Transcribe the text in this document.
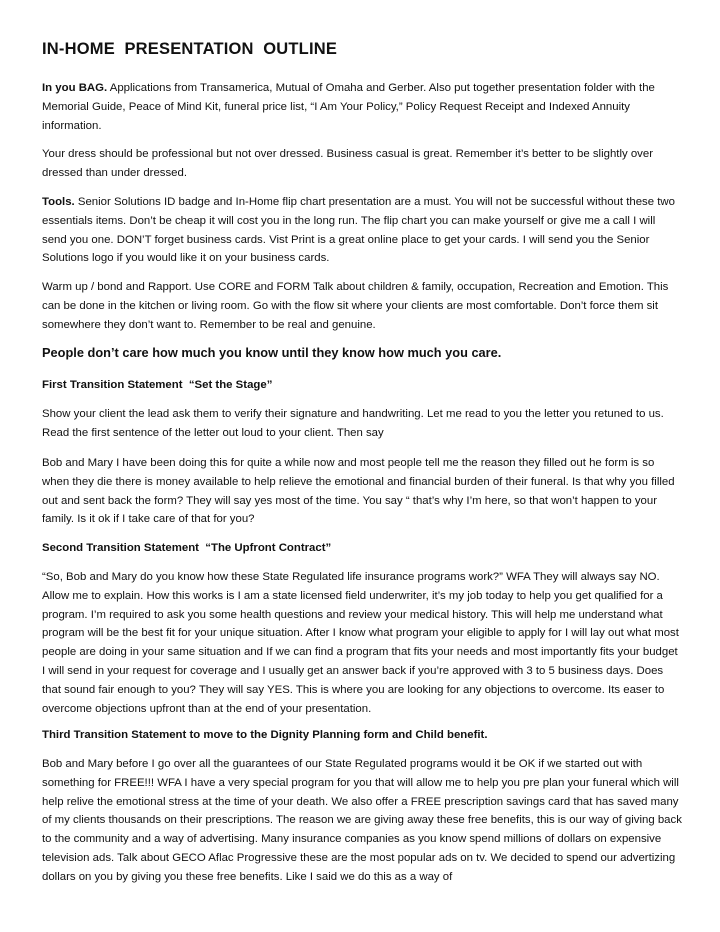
IN-HOME  PRESENTATION  OUTLINE

In you BAG. Applications from Transamerica, Mutual of Omaha and Gerber. Also put together presentation folder with the Memorial Guide, Peace of Mind Kit, funeral price list, “I Am Your Policy,” Policy Request Receipt and Indexed Annuity information.

Your dress should be professional but not over dressed. Business casual is great. Remember it’s better to be slightly over dressed than under dressed.

Tools. Senior Solutions ID badge and In-Home flip chart presentation are a must. You will not be successful without these two essentials items. Don’t be cheap it will cost you in the long run. The flip chart you can make yourself or give me a call I will send you one. DON’T forget business cards. Vist Print is a great online place to get your cards. I will send you the Senior Solutions logo if you would like it on your business cards.

Warm up / bond and Rapport. Use CORE and FORM Talk about children & family, occupation, Recreation and Emotion. This can be done in the kitchen or living room. Go with the flow sit where your clients are most comfortable. Don’t force them sit somewhere they don’t want to. Remember to be real and genuine.

People don’t care how much you know until they know how much you care.

First Transition Statement  “Set the Stage”

Show your client the lead ask them to verify their signature and handwriting. Let me read to you the letter you retuned to us. Read the first sentence of the letter out loud to your client. Then say

Bob and Mary I have been doing this for quite a while now and most people tell me the reason they filled out he form is so when they die there is money available to help relieve the emotional and financial burden of their funeral. Is that why you filled out and sent back the form? They will say yes most of the time. You say “ that’s why I’m here, so that won’t happen to your family. Is it ok if I take care of that for you?

Second Transition Statement  “The Upfront Contract”

“So, Bob and Mary do you know how these State Regulated life insurance programs work?” WFA They will always say NO. Allow me to explain. How this works is I am a state licensed field underwriter, it’s my job today to help you get qualified for a program. I’m required to ask you some health questions and review your medical history. This will help me understand what program will be the best fit for your unique situation. After I know what program your eligible to apply for I will lay out what most people are doing in your same situation and If we can find a program that fits your needs and most importantly fits your budget I will send in your request for coverage and I usually get an answer back if you’re approved with 3 to 5 business days. Does that sound fair enough to you? They will say YES. This is where you are looking for any objections to overcome. Its easer to overcome objections upfront than at the end of your presentation.

Third Transition Statement to move to the Dignity Planning form and Child benefit.

Bob and Mary before I go over all the guarantees of our State Regulated programs would it be OK if we started out with something for FREE!!! WFA I have a very special program for you that will allow me to help you pre plan your funeral which will help relive the emotional stress at the time of your death. We also offer a FREE prescription savings card that has saved many of my clients thousands on their prescriptions. The reason we are giving away these free benefits, this is our way of giving back to the community and a way of advertising. Many insurance companies as you know spend millions of dollars on expensive television ads. Talk about GECO Aflac Progressive these are the most popular ads on tv. We decided to spend our advertizing dollars on you by giving you these free benefits. Like I said we do this as a way of
